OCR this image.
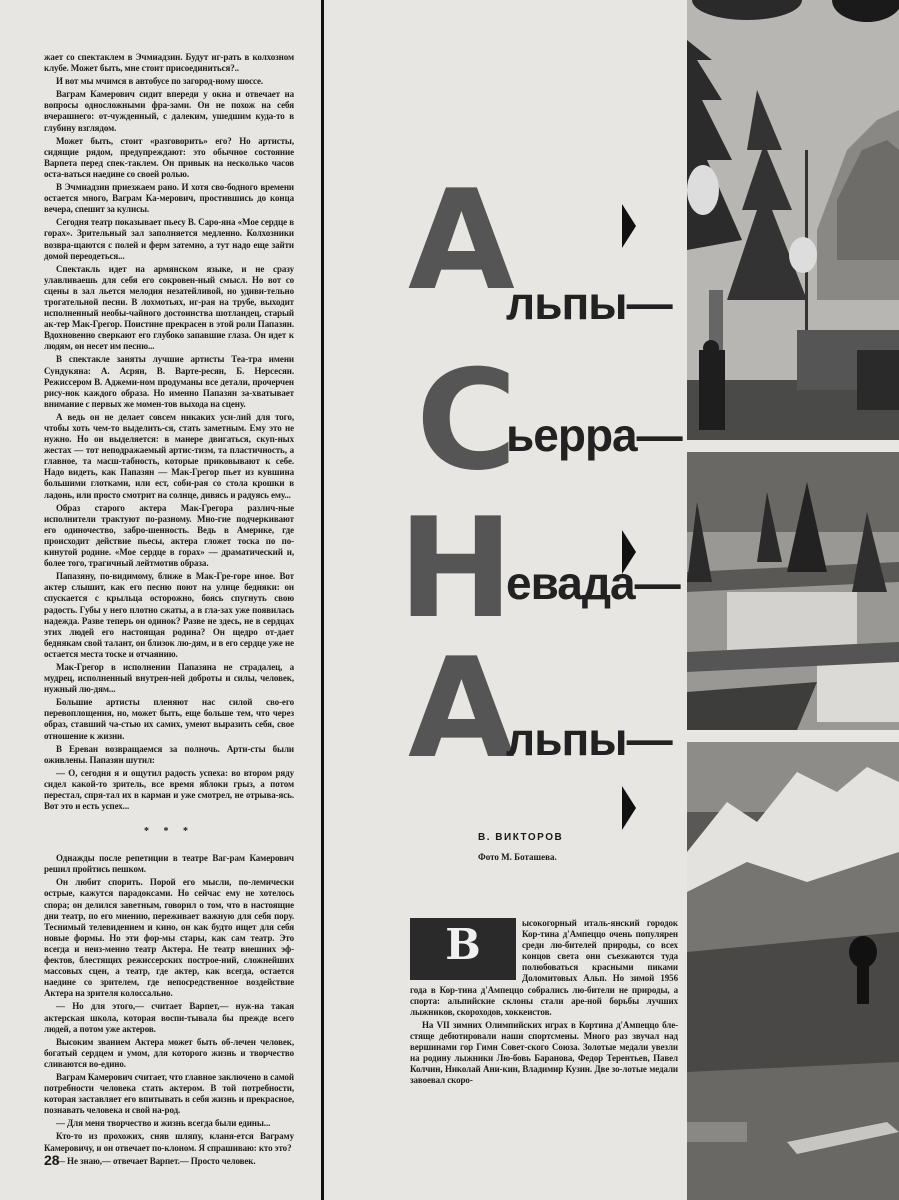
жает со спектаклем в Эчмиадзин. Будут иг-рать в колхозном клубе. Может быть, мне стоит присоединиться?..

И вот мы мчимся в автобусе по загород-ному шоссе.

Ваграм Камерович сидит впереди у окна и отвечает на вопросы односложными фра-зами. Он не похож на себя вчерашнего: от-чужденный, с далеким, ушедшим куда-то в глубину взглядом.

Может быть, стоит «разговорить» его? Но артисты, сидящие рядом, предупреждают: это обычное состояние Варпета перед спек-таклем. Он привык на несколько часов оста-ваться наедине со своей ролью.

В Эчмиадзин приезжаем рано. И хотя сво-бодного времени остается много, Ваграм Ка-мерович, простившись до конца вечера, спешит за кулисы.

Сегодня театр показывает пьесу В. Саро-яна «Мое сердце в горах». Зрительный зал заполняется медленно. Колхозники возвра-щаются с полей и ферм затемно, а тут надо еще зайти домой переодеться...

Спектакль идет на армянском языке, и не сразу улавливаешь для себя его сокровен-ный смысл. Но вот со сцены в зал льется мелодия незатейливой, но удиви-тельно трогательной песни. В лохмотьях, иг-рая на трубе, выходит исполненный необы-чайного достоинства шотландец, старый ак-тер Мак-Грегор. Поистине прекрасен в этой роли Папазян. Вдохновенно сверкают его глубоко запавшие глаза. Он идет к людям, он несет им песню...

В спектакле заняты лучшие артисты Теа-тра имени Сундукяна: А. Асрян, В. Варте-ресян, Б. Нерсесян. Режиссером В. Аджеми-ном продуманы все детали, прочерчен рису-нок каждого образа. Но именно Папазян за-хватывает внимание с первых же момен-тов выхода на сцену.

А ведь он не делает совсем никаких уси-лий для того, чтобы хоть чем-то выделить-ся, стать заметным. Ему это не нужно. Но он выделяется: в манере двигаться, скуп-ных жестах — тот неподражаемый артис-тизм, та пластичность, а главное, та масш-табность, которые приковывают к себе. Надо видеть, как Папазян — Мак-Грегор пьет из кувшина большими глотками, или ест, соби-рая со стола крошки в ладонь, или просто смотрит на солнце, дивясь и радуясь ему...

Образ старого актера Мак-Грегора различ-ные исполнители трактуют по-разному. Мно-гие подчеркивают его одиночество, забро-шенность. Ведь в Америке, где происходит действие пьесы, актера гложет тоска по по-кинутой родине. «Мое сердце в горах» — драматический и, более того, трагичный лейтмотив образа.

Папазяну, по-видимому, ближе в Мак-Гре-горе иное. Вот актер слышит, как его песню поют на улице бедняки: он спускается с крыльца осторожно, боясь спугнуть свою радость. Губы у него плотно сжаты, а в гла-зах уже появилась надежда. Разве теперь он одинок? Разве не здесь, не в сердцах этих людей его настоящая родина? Он щедро от-дает беднякам свой талант, он близок лю-дям, и в его сердце уже не остается места тоске и отчаянию.

Мак-Грегор в исполнении Папазяна не страдалец, а мудрец, исполненный внутрен-ней доброты и силы, человек, нужный лю-дям...

Большие артисты пленяют нас силой сво-его перевоплощения, но, может быть, еще больше тем, что через образ, ставший ча-стью их самих, умеют выразить себя, свое отношение к жизни.

В Ереван возвращаемся за полночь. Арти-сты были оживлены. Папазян шутил:

— О, сегодня я и ощутил радость успеха: во втором ряду сидел какой-то зритель, все время яблоки грыз, а потом перестал, спря-тал их в карман и уже смотрел, не отрыва-ясь. Вот это и есть успех...

* * *

Однажды после репетиции в театре Ваг-рам Камерович решил пройтись пешком.

Он любит спорить. Порой его мысли, по-лемически острые, кажутся парадоксами. Но сейчас ему не хотелось спора; он делился заветным, говорил о том, что в настоящие дни театр, по его мнению, переживает важную для себя пору. Теснимый телевидением и кино, он как будто ищет для себя новые формы. Но эти фор-мы стары, как сам театр. Это всегда и неиз-менно театр Актера. Не театр внешних эф-фектов, блестящих режиссерских построе-ний, сложнейших массовых сцен, а театр, где актер, как всегда, остается наедине со зрителем, где непосредственное воздействие Актера на зрителя колоссально.

— Но для этого,— считает Варпет,— нуж-на такая актерская школа, которая воспи-тывала бы прежде всего людей, а потом уже актеров.

Высоким званием Актера может быть об-лечен человек, богатый сердцем и умом, для которого жизнь и творчество сливаются во-едино.

Ваграм Камерович считает, что главное заключено в самой потребности человека стать актером. В той потребности, которая заставляет его впитывать в себя жизнь и прекрасное, познавать человека и свой на-род.

— Для меня творчество и жизнь всегда были едины...

Кто-то из прохожих, сняв шляпу, кланя-ется Ваграму Камеровичу, и он отвечает по-клоном. Я спрашиваю: кто это?

— Не знаю,— отвечает Варпет.— Просто человек.

28
А
льпы—
С
ьерра—
Н
евада—
А
льпы—
В. ВИКТОРОВ
Фото М. Боташева.
В	ысокогорный италь-янский городок Кор-тина д'Ампеццо очень популярен среди лю-бителей природы, со всех концов света они съезжаются туда полюбоваться красными пиками Доломитовых Альп. Но зимой 1956 года в Кор-тина д'Ампеццо собрались лю-бители не природы, а спорта: альпийские склоны стали аре-ной борьбы лучших лыжников, скороходов, хоккеистов.

На VII зимних Олимпийских играх в Кортина д'Ампеццо бле-стяще дебютировали наши спортсмены. Много раз звучал над вершинами гор Гимн Совет-ского Союза. Золотые медали увезли на родину лыжники Лю-бовь Баранова, Федор Терентьев, Павел Колчин, Николай Ани-кин, Владимир Кузин. Две зо-лотые медали завоевал скоро-
